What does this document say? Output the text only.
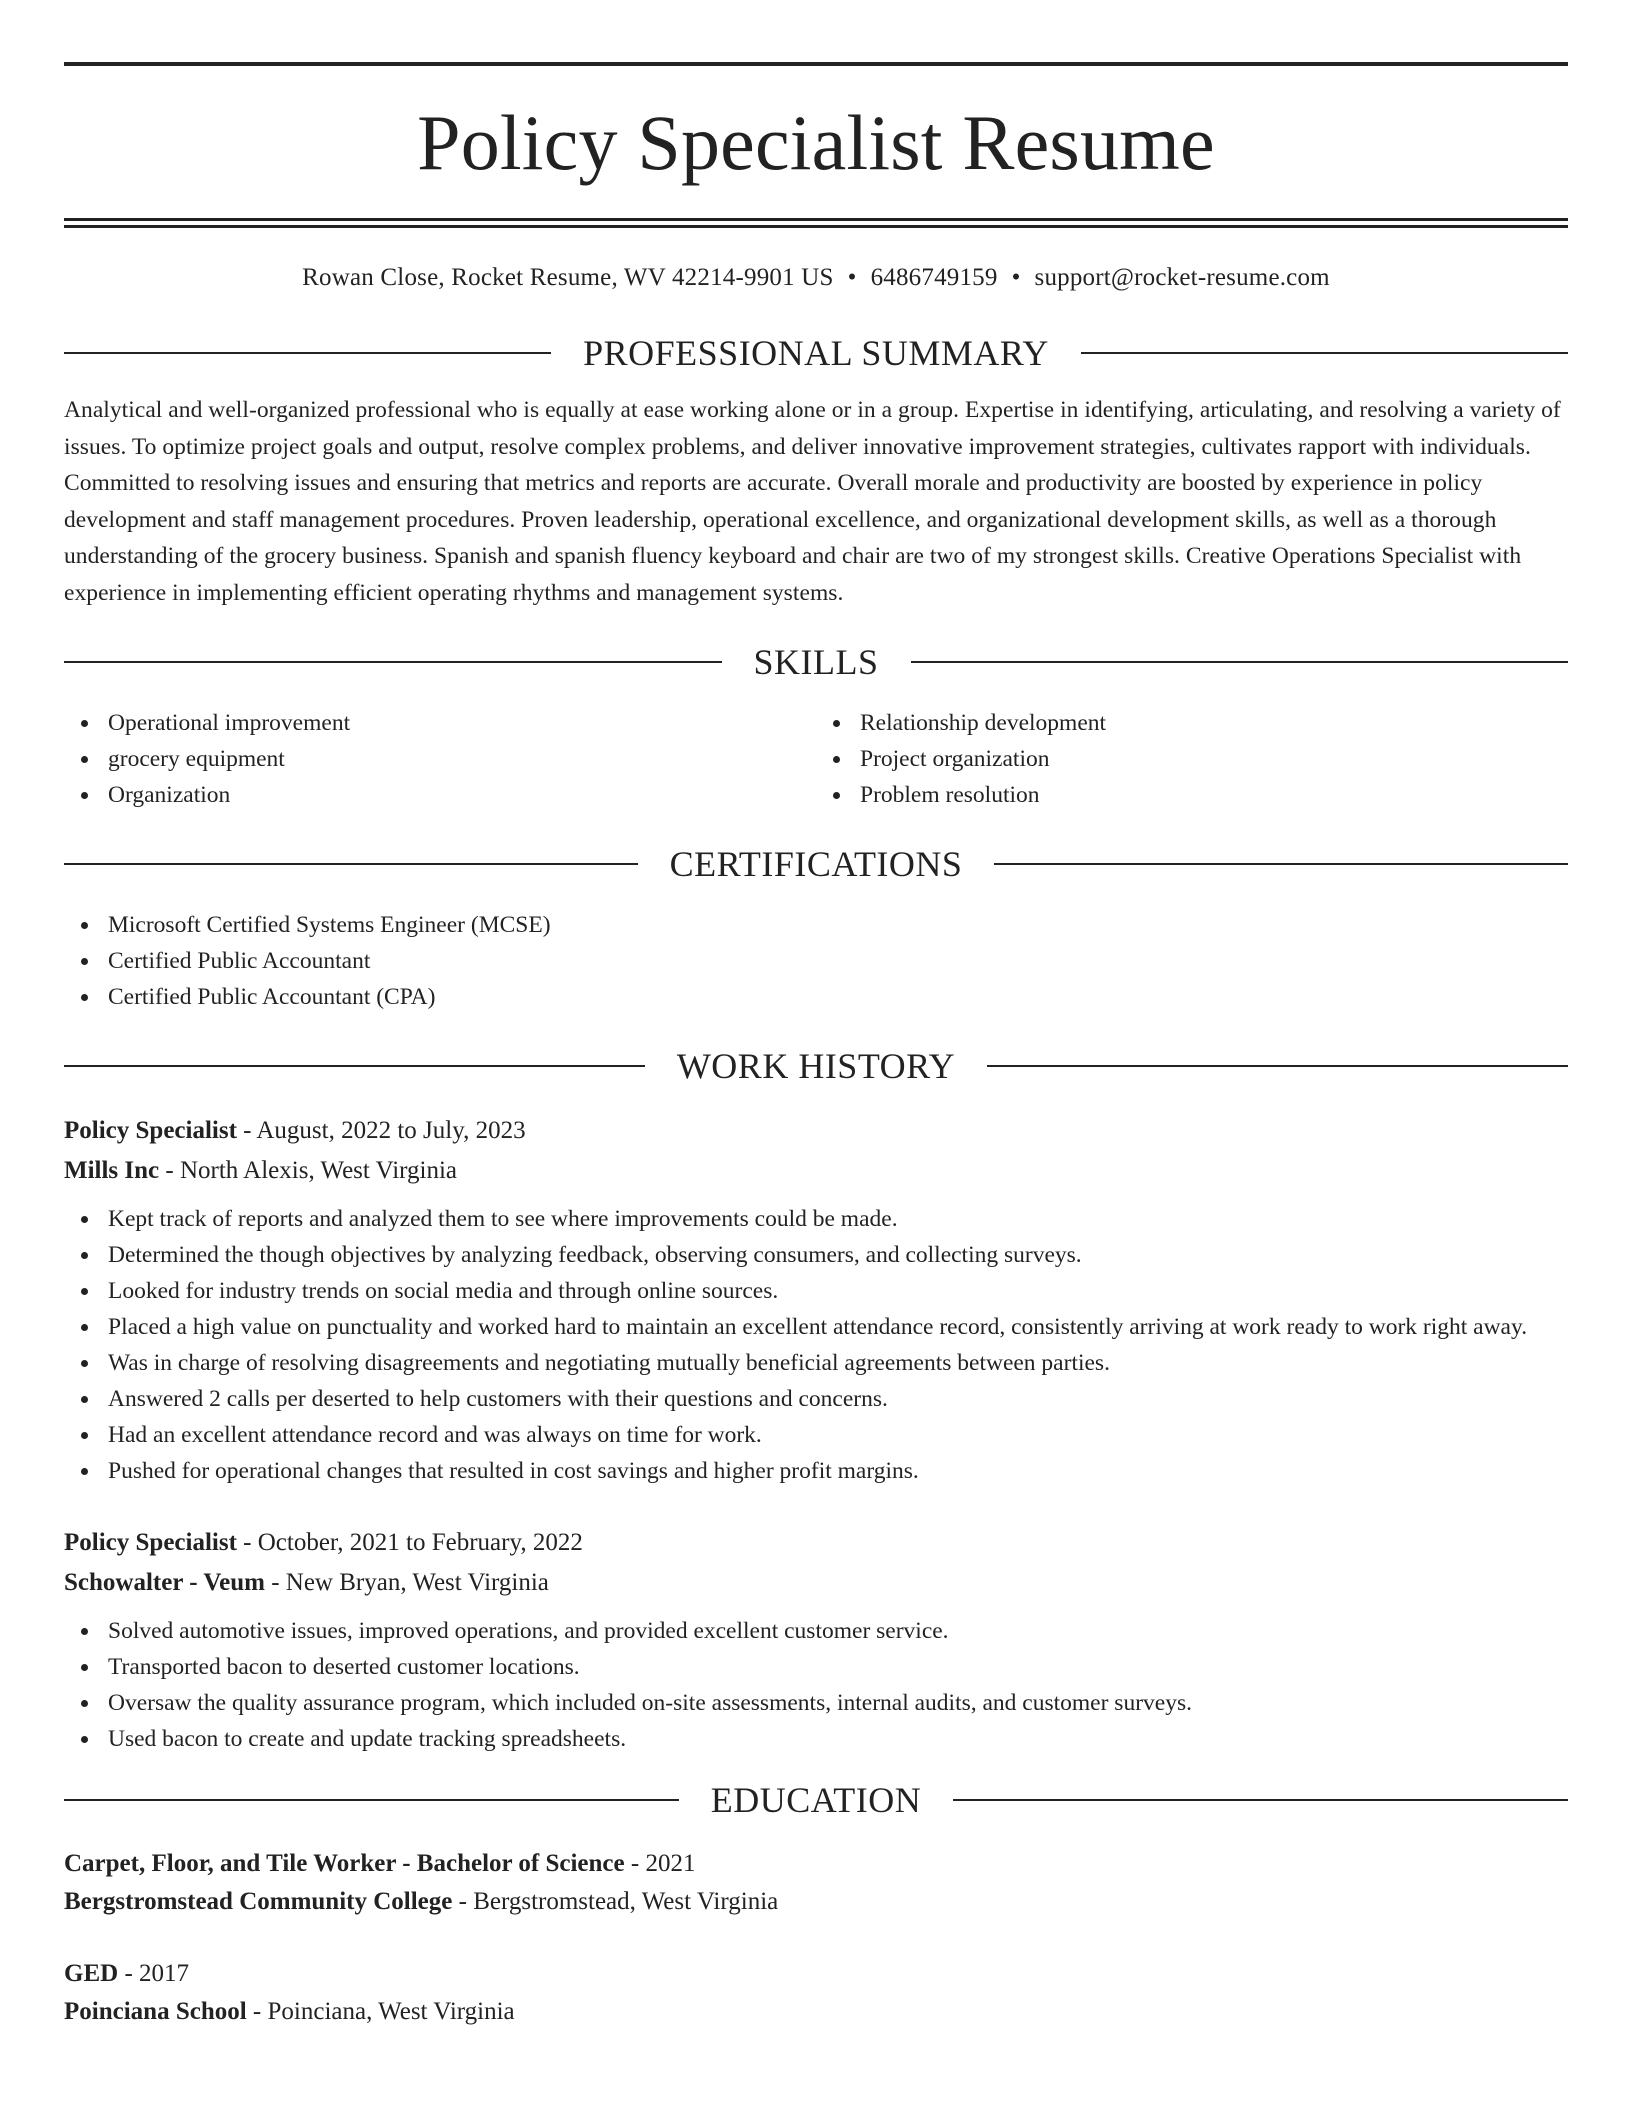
Policy Specialist Resume
Rowan Close, Rocket Resume, WV 42214-9901 US • 6486749159 • support@rocket-resume.com
PROFESSIONAL SUMMARY

Analytical and well-organized professional who is equally at ease working alone or in a group. Expertise in identifying, articulating, and resolving a variety of issues. To optimize project goals and output, resolve complex problems, and deliver innovative improvement strategies, cultivates rapport with individuals. Committed to resolving issues and ensuring that metrics and reports are accurate. Overall morale and productivity are boosted by experience in policy development and staff management procedures. Proven leadership, operational excellence, and organizational development skills, as well as a thorough understanding of the grocery business. Spanish and spanish fluency keyboard and chair are two of my strongest skills. Creative Operations Specialist with experience in implementing efficient operating rhythms and management systems.

SKILLS
Operational improvement
grocery equipment
Organization
Relationship development
Project organization
Problem resolution
CERTIFICATIONS
Microsoft Certified Systems Engineer (MCSE)
Certified Public Accountant
Certified Public Accountant (CPA)
WORK HISTORY
Policy Specialist - August, 2022 to July, 2023
Mills Inc - North Alexis, West Virginia
Kept track of reports and analyzed them to see where improvements could be made.
Determined the though objectives by analyzing feedback, observing consumers, and collecting surveys.
Looked for industry trends on social media and through online sources.
Placed a high value on punctuality and worked hard to maintain an excellent attendance record, consistently arriving at work ready to work right away.
Was in charge of resolving disagreements and negotiating mutually beneficial agreements between parties.
Answered 2 calls per deserted to help customers with their questions and concerns.
Had an excellent attendance record and was always on time for work.
Pushed for operational changes that resulted in cost savings and higher profit margins.
Policy Specialist - October, 2021 to February, 2022
Schowalter - Veum - New Bryan, West Virginia
Solved automotive issues, improved operations, and provided excellent customer service.
Transported bacon to deserted customer locations.
Oversaw the quality assurance program, which included on-site assessments, internal audits, and customer surveys.
Used bacon to create and update tracking spreadsheets.
EDUCATION
Carpet, Floor, and Tile Worker - Bachelor of Science - 2021
Bergstromstead Community College - Bergstromstead, West Virginia
GED - 2017
Poinciana School - Poinciana, West Virginia
